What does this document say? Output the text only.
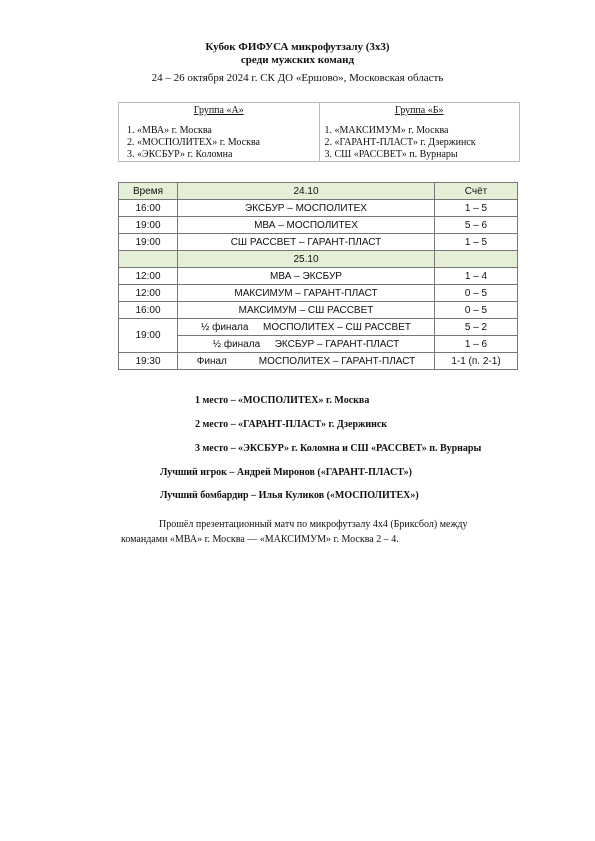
Кубок ФИФУСА микрофутзалу (3х3)
среди мужских команд
24 – 26 октября 2024 г. СК ДО «Ершово», Московская область
Группа «А»
1. «МВА» г. Москва
2. «МОСПОЛИТЕХ» г. Москва
3. «ЭКСБУР» г. Коломна
Группа «Б»
1. «МАКСИМУМ» г. Москва
2. «ГАРАНТ-ПЛАСТ» г. Дзержинск
3. СШ «РАССВЕТ» п. Вурнары
Время	24.10	Счёт
16:00	ЭКСБУР – МОСПОЛИТЕХ	1 – 5
19:00	МВА – МОСПОЛИТЕХ	5 – 6
19:00	СШ РАССВЕТ – ГАРАНТ-ПЛАСТ	1 – 5
	25.10	
12:00	МВА – ЭКСБУР	1 – 4
12:00	МАКСИМУМ – ГАРАНТ-ПЛАСТ	0 – 5
16:00	МАКСИМУМ – СШ РАССВЕТ	0 – 5
19:00	½ финала МОСПОЛИТЕХ – СШ РАССВЕТ	5 – 2
	½ финала ЭКСБУР – ГАРАНТ-ПЛАСТ	1 – 6
19:30	Финал МОСПОЛИТЕХ – ГАРАНТ-ПЛАСТ	1-1 (п. 2-1)
1 место – «МОСПОЛИТЕХ» г. Москва
2 место – «ГАРАНТ-ПЛАСТ» г. Дзержинск
3 место – «ЭКСБУР» г. Коломна и СШ «РАССВЕТ» п. Вурнары
Лучший игрок – Андрей Миронов («ГАРАНТ-ПЛАСТ»)
Лучший бомбардир – Илья Куликов («МОСПОЛИТЕХ»)
Прошёл презентационный матч по микрофутзалу 4х4 (Бриксбол) между
командами «МВА» г. Москва — «МАКСИМУМ» г. Москва 2 – 4.
